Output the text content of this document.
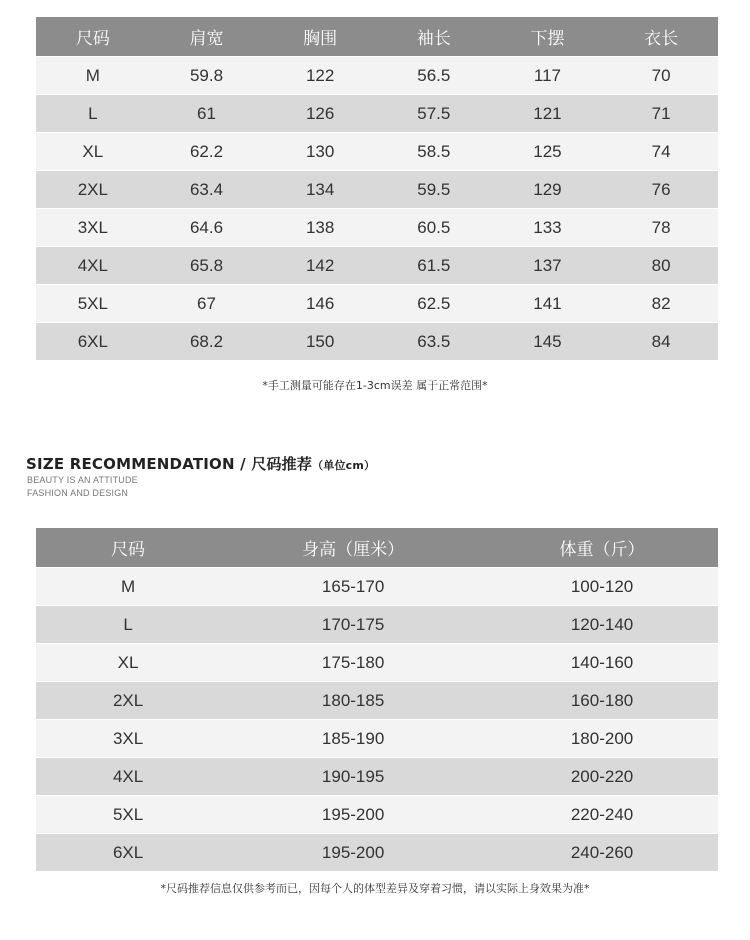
尺码	肩宽	胸围	袖长	下摆	衣长
M	59.8	122	56.5	117	70
L	61	126	57.5	121	71
XL	62.2	130	58.5	125	74
2XL	63.4	134	59.5	129	76
3XL	64.6	138	60.5	133	78
4XL	65.8	142	61.5	137	80
5XL	67	146	62.5	141	82
6XL	68.2	150	63.5	145	84
*手工测量可能存在1-3cm误差 属于正常范围*
SIZE RECOMMENDATION / 尺码推荐（单位cm）
BEAUTY IS AN ATTITUDE
FASHION AND DESIGN
尺码	身高（厘米）	体重（斤）
M	165-170	100-120
L	170-175	120-140
XL	175-180	140-160
2XL	180-185	160-180
3XL	185-190	180-200
4XL	190-195	200-220
5XL	195-200	220-240
6XL	195-200	240-260
*尺码推荐信息仅供参考而已，因每个人的体型差异及穿着习惯，请以实际上身效果为准*
